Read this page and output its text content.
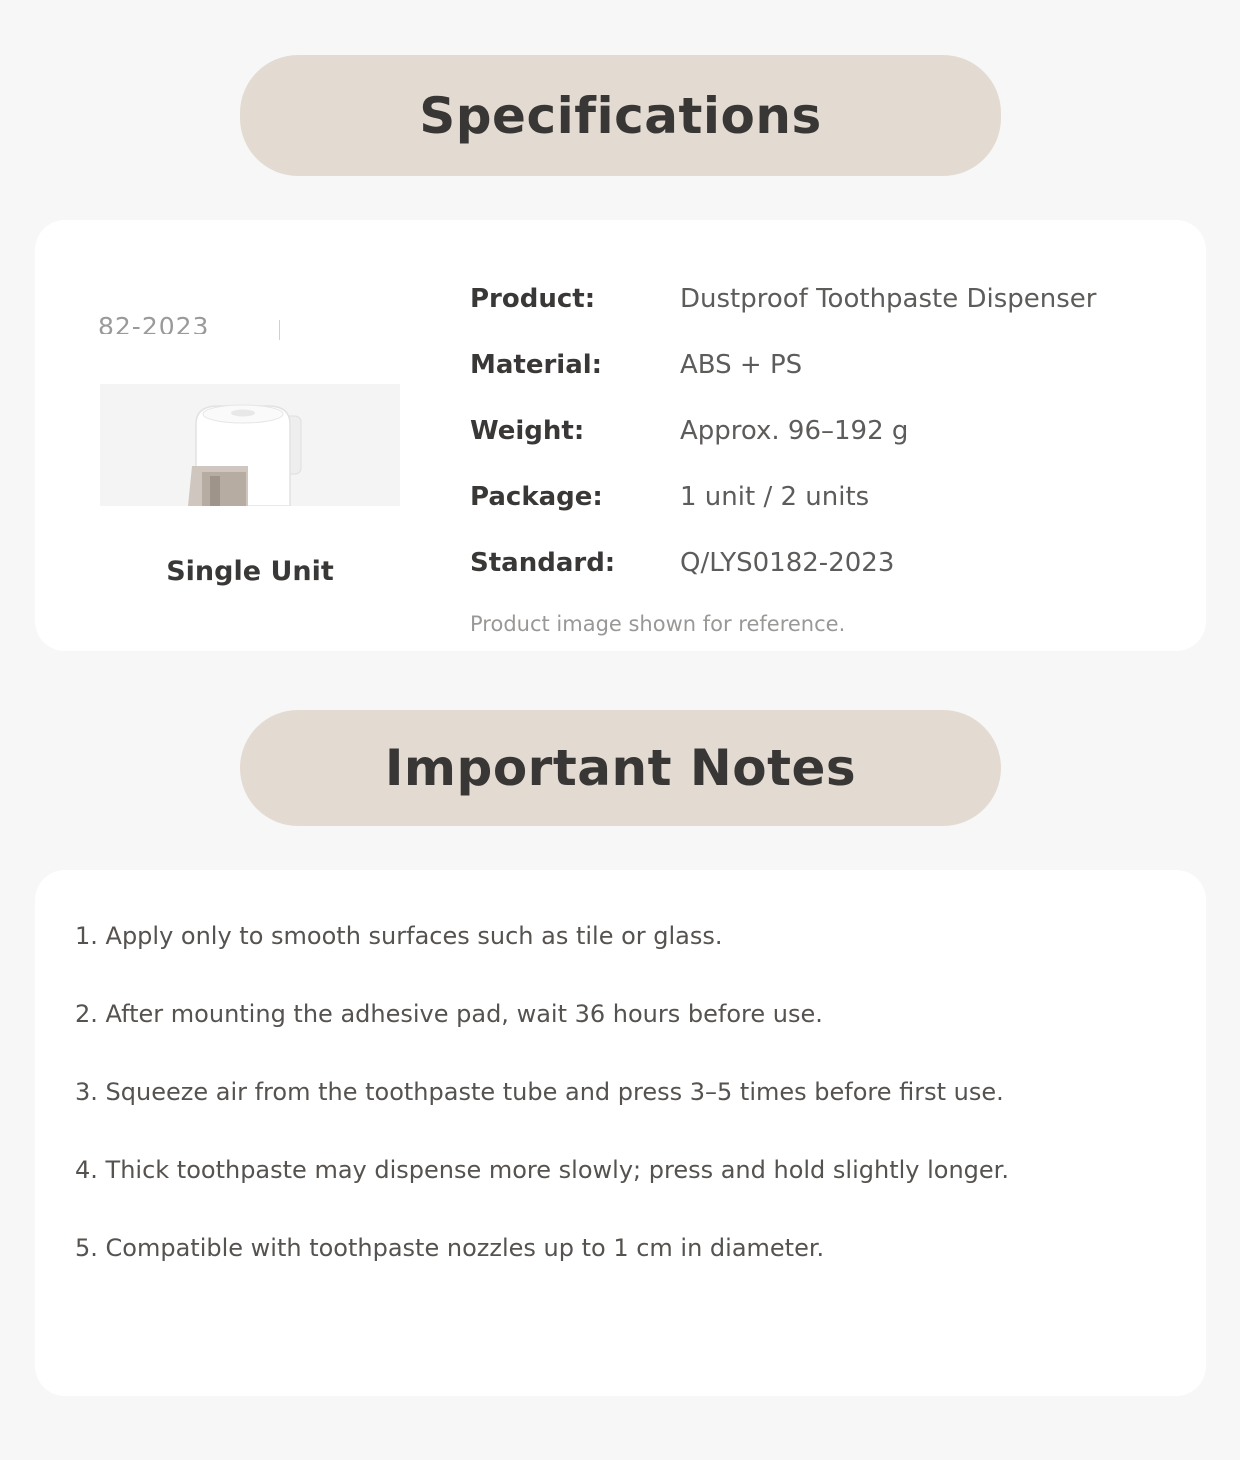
Specifications
82-2023
Single Unit
Product:	Dustproof Toothpaste Dispenser
Material:	ABS + PS
Weight:	Approx. 96–192 g
Package:	1 unit / 2 units
Standard:	Q/LYS0182-2023
Product image shown for reference.
Important Notes
1. Apply only to smooth surfaces such as tile or glass.
2. After mounting the adhesive pad, wait 36 hours before use.
3. Squeeze air from the toothpaste tube and press 3–5 times before first use.
4. Thick toothpaste may dispense more slowly; press and hold slightly longer.
5. Compatible with toothpaste nozzles up to 1 cm in diameter.
